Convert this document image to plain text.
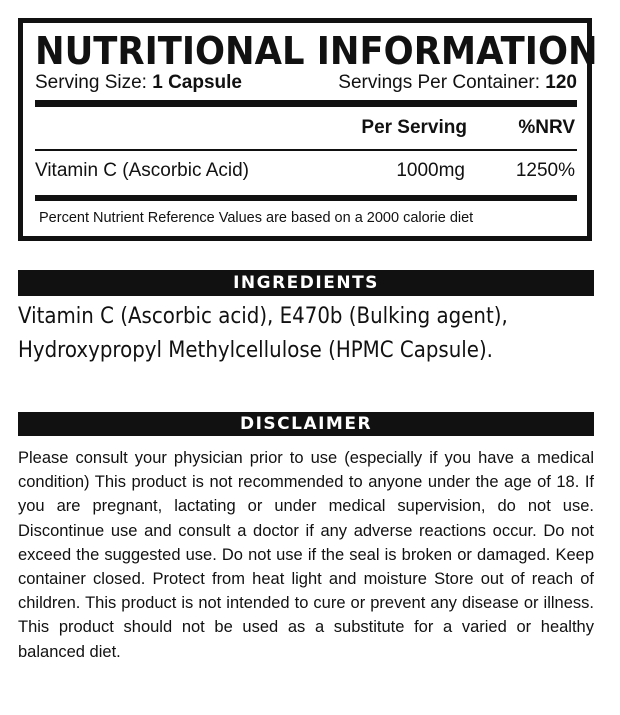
NUTRITIONAL INFORMATION
Serving Size: 1 Capsule	Servings Per Container: 120
Per Serving	%NRV
Vitamin C (Ascorbic Acid)	1000mg	1250%
Percent Nutrient Reference Values are based on a 2000 calorie diet
INGREDIENTS

Vitamin C (Ascorbic acid), E470b (Bulking agent),
Hydroxypropyl Methylcellulose (HPMC Capsule).

DISCLAIMER

Please consult your physician prior to use (especially if you have a medical condition) This product is not recommended to anyone under the age of 18. If you are pregnant, lactating or under medical supervision, do not use. Discontinue use and consult a doctor if any adverse reactions occur. Do not exceed the suggested use. Do not use if the seal is broken or damaged. Keep container closed. Protect from heat light and moisture Store out of reach of children. This product is not intended to cure or prevent any disease or illness. This product should not be used as a substitute for a varied or healthy balanced diet.
